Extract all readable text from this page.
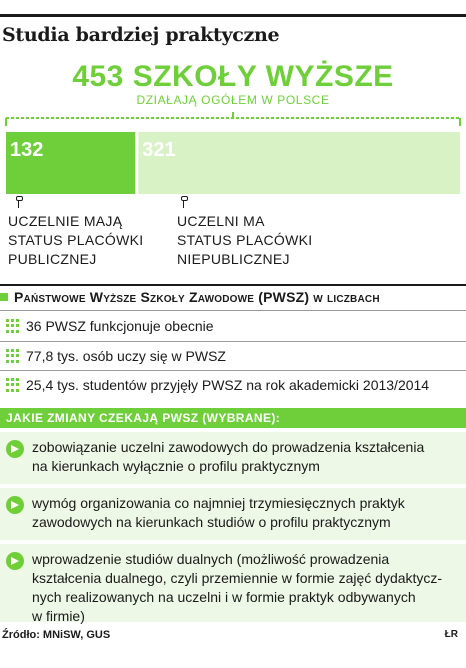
Studia bardziej praktyczne
453 SZKOŁY WYŻSZE
DZIAŁAJĄ OGÓŁEM W POLSCE
132	321
UCZELNIE MAJĄ
STATUS PLACÓWKI
PUBLICZNEJ
UCZELNI MA
STATUS PLACÓWKI
NIEPUBLICZNEJ
Państwowe Wyższe Szkoły Zawodowe (PWSZ) w liczbach
36 PWSZ funkcjonuje obecnie
77,8 tys. osób uczy się w PWSZ
25,4 tys. studentów przyjęły PWSZ na rok akademicki 2013/2014
JAKIE ZMIANY CZEKAJĄ PWSZ (WYBRANE):
zobowiązanie uczelni zawodowych do prowadzenia kształcenia
na kierunkach wyłącznie o profilu praktycznym
wymóg organizowania co najmniej trzymiesięcznych praktyk
zawodowych na kierunkach studiów o profilu praktycznym
wprowadzenie studiów dualnych (możliwość prowadzenia
kształcenia dualnego, czyli przemiennie w formie zajęć dydaktycz-
nych realizowanych na uczelni i w formie praktyk odbywanych
w firmie)
Źródło: MNiSW, GUS	ŁR
